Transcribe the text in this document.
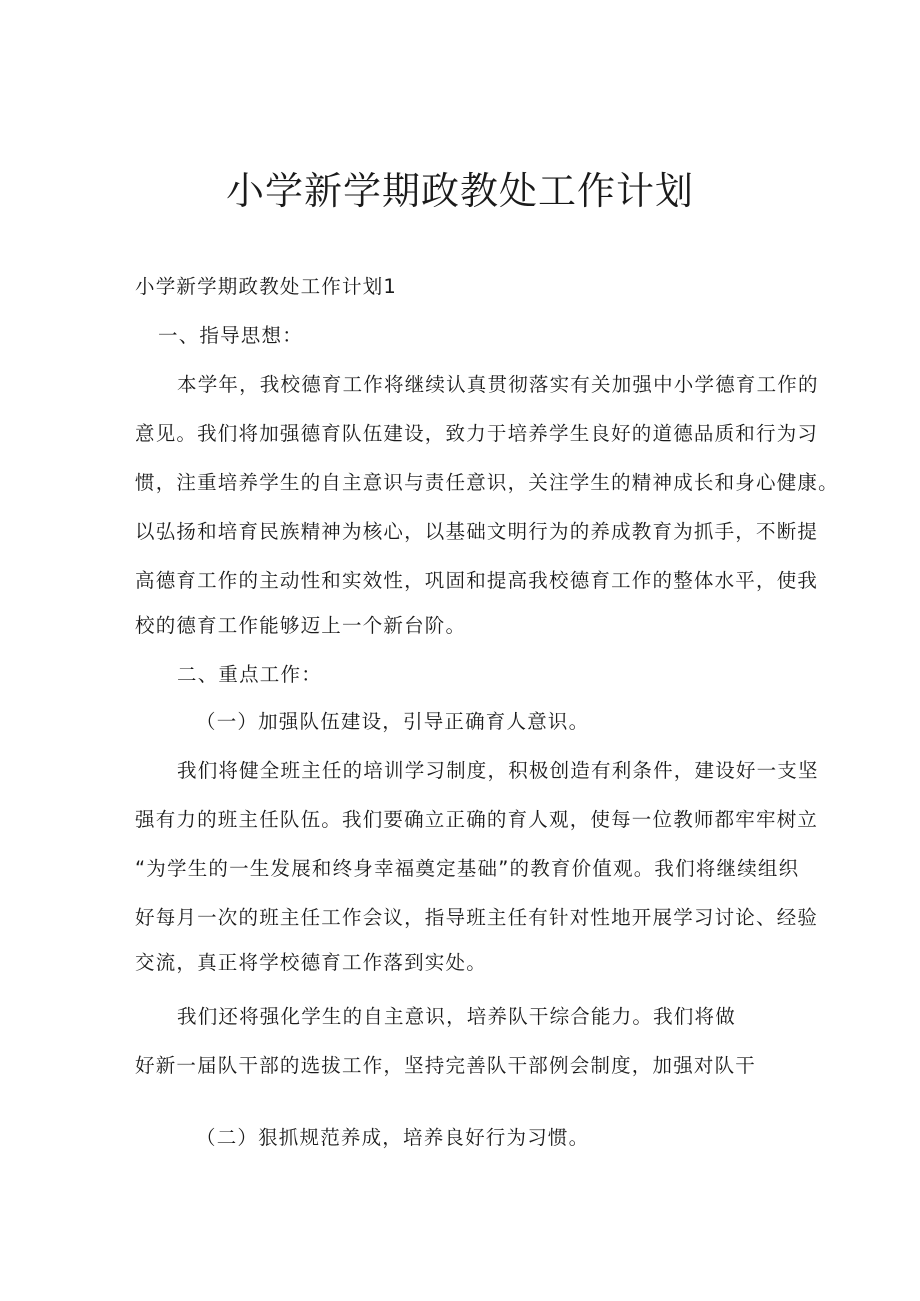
小学新学期政教处工作计划

小学新学期政教处工作计划1

一、指导思想：

本学年，我校德育工作将继续认真贯彻落实有关加强中小学德育工作的

意见。我们将加强德育队伍建设，致力于培养学生良好的道德品质和行为习

惯，注重培养学生的自主意识与责任意识，关注学生的精神成长和身心健康。

以弘扬和培育民族精神为核心，以基础文明行为的养成教育为抓手，不断提

高德育工作的主动性和实效性，巩固和提高我校德育工作的整体水平，使我

校的德育工作能够迈上一个新台阶。

二、重点工作：

（一）加强队伍建设，引导正确育人意识。

我们将健全班主任的培训学习制度，积极创造有利条件，建设好一支坚

强有力的班主任队伍。我们要确立正确的育人观，使每一位教师都牢牢树立

“为学生的一生发展和终身幸福奠定基础”的教育价值观。我们将继续组织

好每月一次的班主任工作会议，指导班主任有针对性地开展学习讨论、经验

交流，真正将学校德育工作落到实处。

我们还将强化学生的自主意识，培养队干综合能力。我们将做

好新一届队干部的选拔工作，坚持完善队干部例会制度，加强对队干

（二）狠抓规范养成，培养良好行为习惯。
